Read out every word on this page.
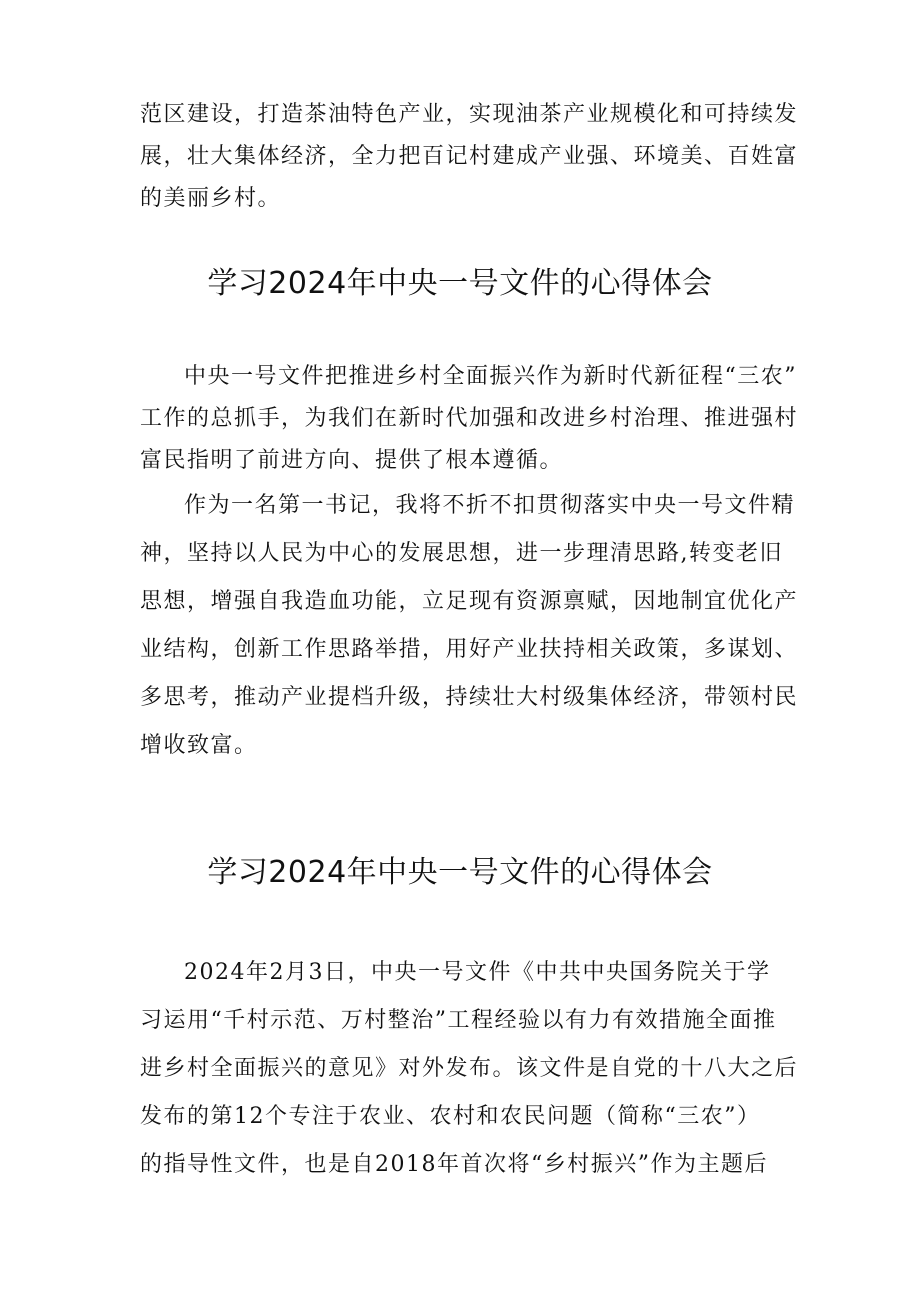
范区建设，打造茶油特色产业，实现油茶产业规模化和可持续发
展，壮大集体经济，全力把百记村建成产业强、环境美、百姓富
的美丽乡村。
学习2024年中央一号文件的心得体会
中央一号文件把推进乡村全面振兴作为新时代新征程“三农”
工作的总抓手，为我们在新时代加强和改进乡村治理、推进强村
富民指明了前进方向、提供了根本遵循。
作为一名第一书记，我将不折不扣贯彻落实中央一号文件精
神，坚持以人民为中心的发展思想，进一步理清思路,转变老旧
思想，增强自我造血功能，立足现有资源禀赋，因地制宜优化产
业结构，创新工作思路举措，用好产业扶持相关政策，多谋划、
多思考，推动产业提档升级，持续壮大村级集体经济，带领村民
增收致富。
学习2024年中央一号文件的心得体会
2024年2月3日，中央一号文件《中共中央国务院关于学
习运用“千村示范、万村整治”工程经验以有力有效措施全面推
进乡村全面振兴的意见》对外发布。该文件是自党的十八大之后
发布的第12个专注于农业、农村和农民问题（简称“三农”）
的指导性文件，也是自2018年首次将“乡村振兴”作为主题后
